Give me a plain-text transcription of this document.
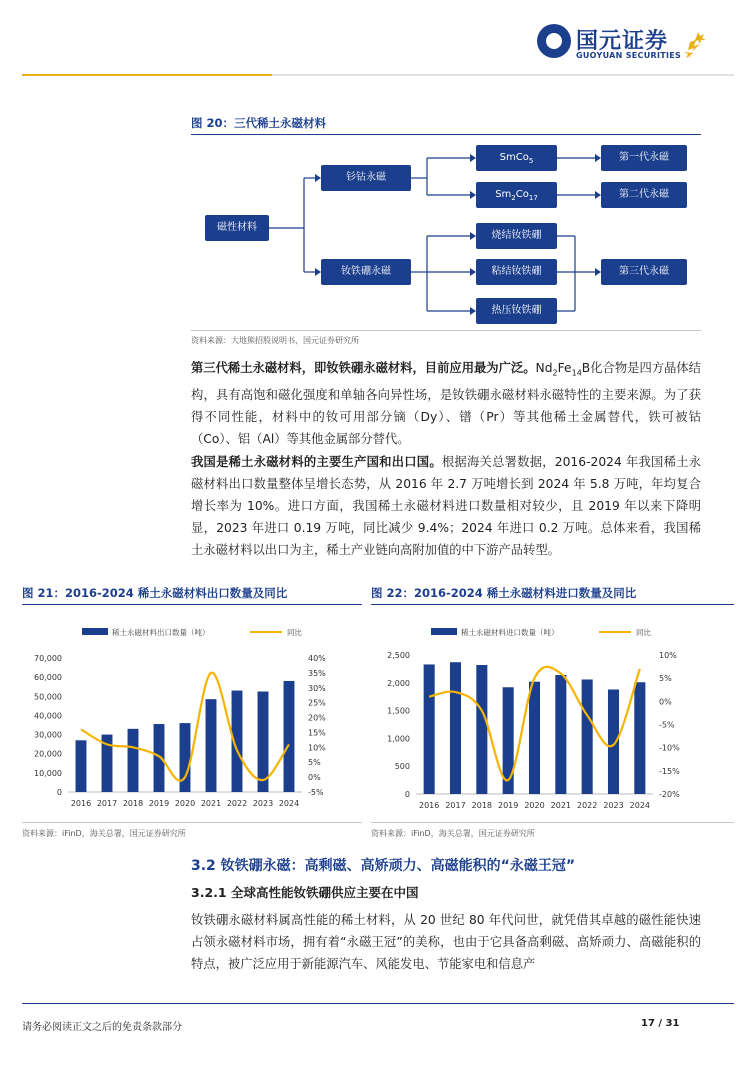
国元证券
GUOYUAN SECURITIES
图 20：三代稀土永磁材料
磁性材料
钐钴永磁
钕铁硼永磁
SmCo$_5$
$Sm_2Co_{17}$
烧结钕铁硼
粘结钕铁硼
热压钕铁硼
第一代永磁
第二代永磁
第三代永磁
资料来源：大地熊招股说明书，国元证券研究所
第三代稀土永磁材料，即钕铁硼永磁材料，目前应用最为广泛。$Nd_2Fe_{14}B$化合物是四方晶体结构，具有高饱和磁化强度和单轴各向异性场，是钕铁硼永磁材料永磁特性的主要来源。为了获得不同性能，材料中的钕可用部分镝（Dy）、镨（Pr）等其他稀土金属替代，铁可被钴（Co）、铝（Al）等其他金属部分替代。
我国是稀土永磁材料的主要生产国和出口国。根据海关总署数据，2016-2024 年我国稀土永磁材料出口数量整体呈增长态势，从 2016 年 2.7 万吨增长到 2024 年 5.8 万吨，年均复合增长率为 10%。进口方面，我国稀土永磁材料进口数量相对较少，且 2019 年以来下降明显，2023 年进口 0.19 万吨，同比减少 9.4%；2024 年进口 0.2 万吨。总体来看，我国稀土永磁材料以出口为主，稀土产业链向高附加值的中下游产品转型。
图 21：2016-2024 稀土永磁材料出口数量及同比	图 22：2016-2024 稀土永磁材料进口数量及同比
稀土永磁材料出口数量（吨）	同比
0
10,000
20,000
30,000
40,000
50,000
60,000
70,000
-5%
0%
5%
10%
15%
20%
25%
30%
35%
40%
2016 2017 2018 2019 2020 2021 2022 2023 2024
稀土永磁材料进口数量（吨）	同比
0
500
1,000
1,500
2,000
2,500
-20%
-15%
-10%
-5%
0%
5%
10%
2016 2017 2018 2019 2020 2021 2022 2023 2024
资料来源：iFinD，海关总署，国元证券研究所	资料来源：iFinD，海关总署，国元证券研究所
3.2 钕铁硼永磁：高剩磁、高矫顽力、高磁能积的“永磁王冠”
3.2.1 全球高性能钕铁硼供应主要在中国
钕铁硼永磁材料属高性能的稀土材料，从 20 世纪 80 年代问世，就凭借其卓越的磁性能快速占领永磁材料市场，拥有着“永磁王冠”的美称，也由于它具备高剩磁、高矫顽力、高磁能积的特点，被广泛应用于新能源汽车、风能发电、节能家电和信息产
请务必阅读正文之后的免责条款部分	17 / 31
